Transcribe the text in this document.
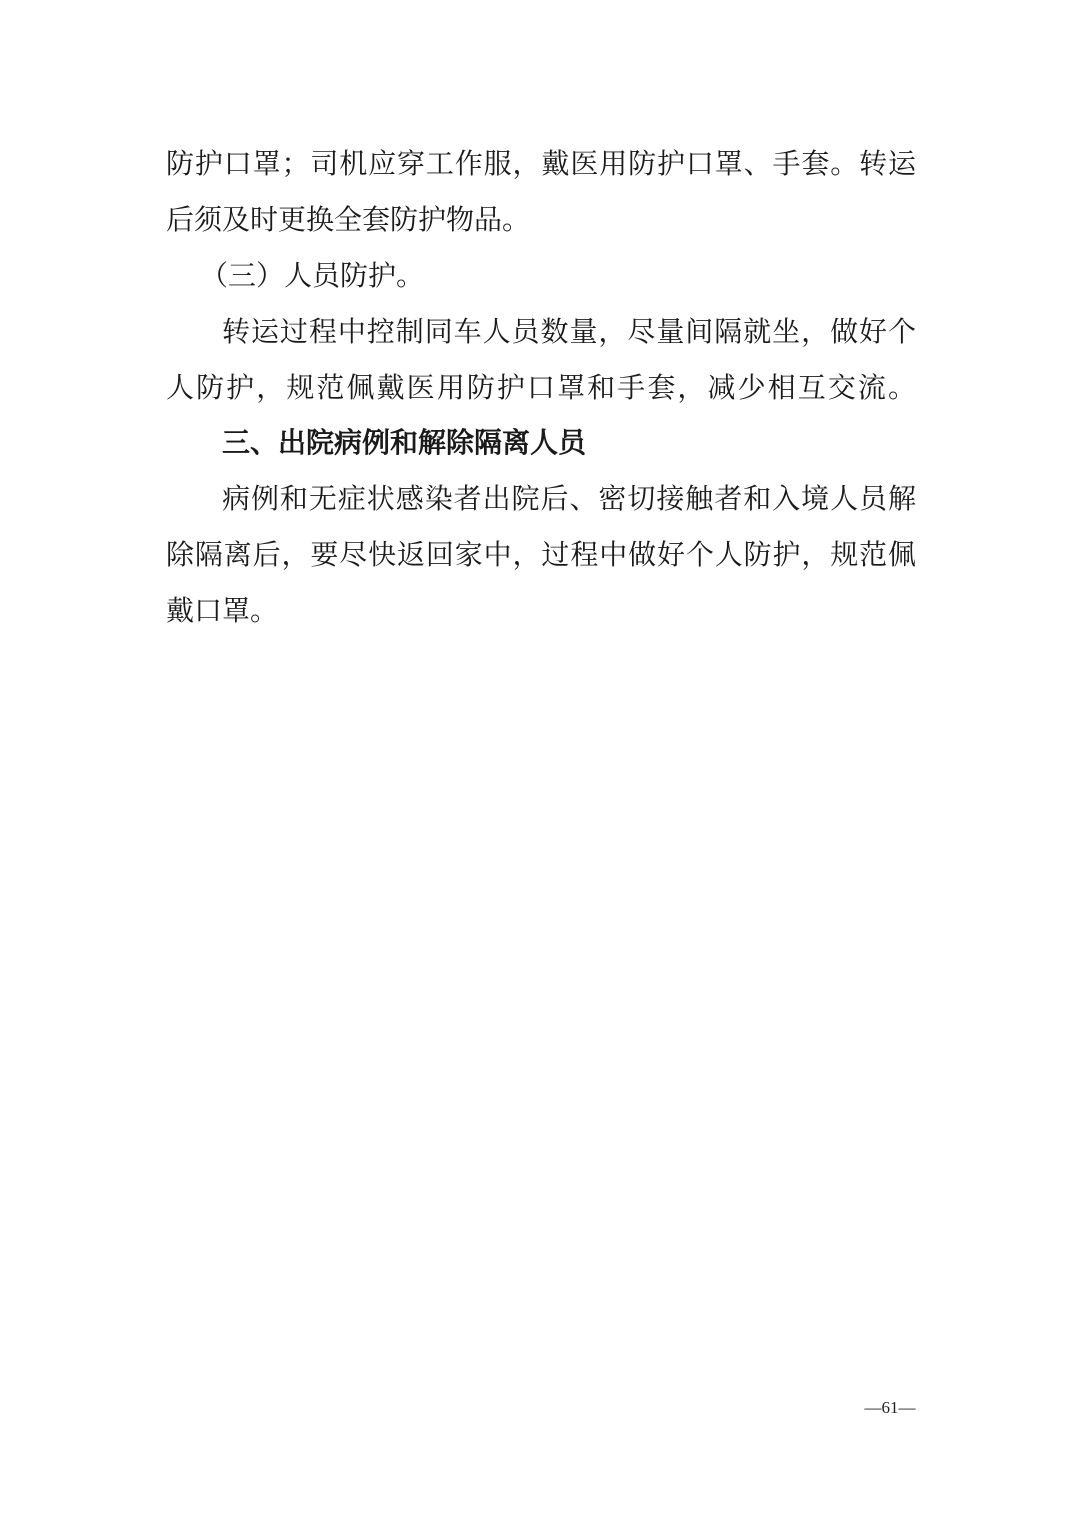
防护口罩；司机应穿工作服，戴医用防护口罩、手套。转运
后须及时更换全套防护物品。
（三）人员防护。
转运过程中控制同车人员数量，尽量间隔就坐，做好个
人防护，规范佩戴医用防护口罩和手套，减少相互交流。
三、出院病例和解除隔离人员
病例和无症状感染者出院后、密切接触者和入境人员解
除隔离后，要尽快返回家中，过程中做好个人防护，规范佩
戴口罩。
—61—
